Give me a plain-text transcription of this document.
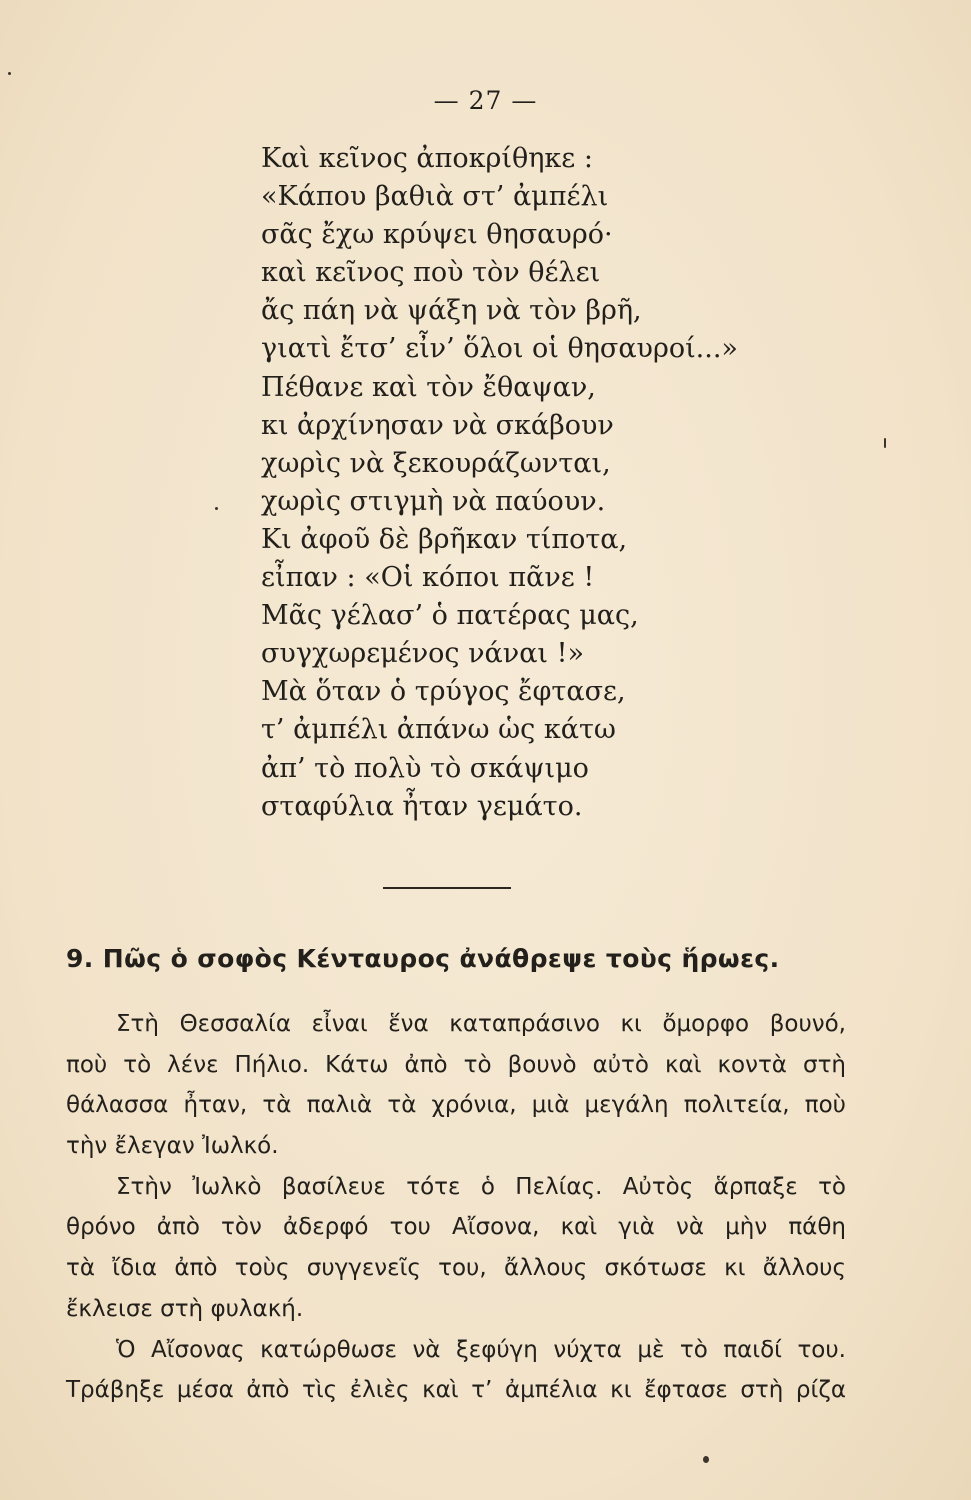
— 27 —
Καὶ κεῖνος ἀποκρίθηκε :
«Κάπου βαθιὰ στ’ ἀμπέλι
σᾶς ἔχω κρύψει θησαυρό·
καὶ κεῖνος ποὺ τὸν θέλει
ἄς πάη νὰ ψάξη νὰ τὸν βρῆ,
γιατὶ ἔτσ’ εἶν’ ὅλοι οἱ θησαυροί...»
Πέθανε καὶ τὸν ἔθαψαν,
κι ἀρχίνησαν νὰ σκάβουν
χωρὶς νὰ ξεκουράζωνται,
χωρὶς στιγμὴ νὰ παύουν.
Κι ἀφοῦ δὲ βρῆκαν τίποτα,
εἶπαν : «Οἱ κόποι πᾶνε !
Μᾶς γέλασ’ ὁ πατέρας μας,
συγχωρεμένος νάναι !»
Μὰ ὅταν ὁ τρύγος ἔφτασε,
τ’ ἀμπέλι ἀπάνω ὡς κάτω
ἀπ’ τὸ πολὺ τὸ σκάψιμο
σταφύλια ἦταν γεμάτο.
9. Πῶς ὁ σοφὸς Κένταυρος ἀνάθρεψε τοὺς ἥρωες.
Στὴ Θεσσαλία εἶναι ἕνα καταπράσινο κι ὄμορφο βουνό,
ποὺ τὸ λένε Πήλιο. Κάτω ἀπὸ τὸ βουνὸ αὐτὸ καὶ κοντὰ στὴ
θάλασσα ἦταν, τὰ παλιὰ τὰ χρόνια, μιὰ μεγάλη πολιτεία, ποὺ
τὴν ἔλεγαν Ἰωλκό.
Στὴν Ἰωλκὸ βασίλευε τότε ὁ Πελίας. Αὐτὸς ἅρπαξε τὸ
θρόνο ἀπὸ τὸν ἀδερφό του Αἴσονα, καὶ γιὰ νὰ μὴν πάθη
τὰ ἴδια ἀπὸ τοὺς συγγενεῖς του, ἄλλους σκότωσε κι ἄλλους
ἔκλεισε στὴ φυλακή.
Ὁ Αἴσονας κατώρθωσε νὰ ξεφύγη νύχτα μὲ τὸ παιδί του.
Τράβηξε μέσα ἀπὸ τὶς ἐλιὲς καὶ τ’ ἀμπέλια κι ἔφτασε στὴ ρίζα
